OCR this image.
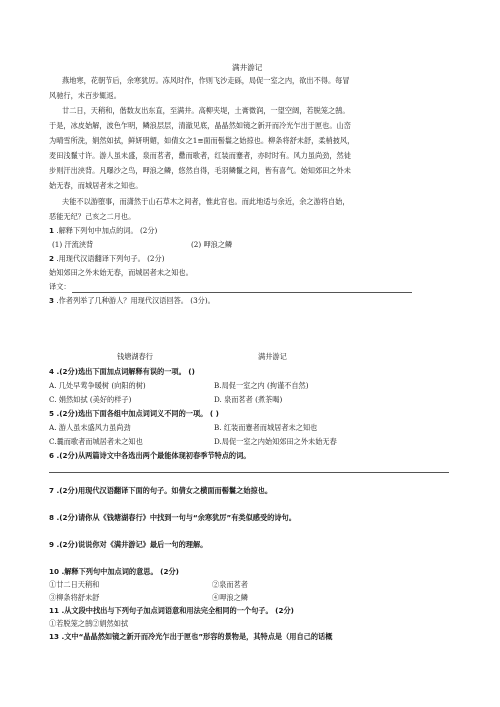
满井游记
燕地寒，花朝节后，余寒犹厉。冻风时作，作则飞沙走砾，局促一室之内，欲出不得。每冒
风驰行，未百步辄返。
廿二日，天稍和，偕数友出东直，至满井。高柳夹堤，土膏微润，一望空阔，若脱笼之鹄。
于是，冰皮始解，波色乍明，鳞浪层层，清澈见底，晶晶然如镜之新开而冷光乍出于匣也。山峦
为晴雪所洗，娟然如拭，鲜妍明媚，如倩女之1≡面而髻鬟之始掠也。柳条将舒未舒，柔梢披风，
麦田浅鬣寸许。游人虽未盛，泉而茗者，罍而歌者，红装而蹇者，亦时时有。风力虽尚劲，然徒
步则汗出浃背。凡曝沙之鸟，呷浪之鳞，悠然自得，毛羽鳞鬣之间，皆有喜气。始知郊田之外未
始无春，而城居者未之知也。
夫能不以游堕事，而潇然于山石草木之间者，惟此官也。而此地适与余近，余之游将自始，
恶能无纪？己亥之二月也。
1 .解释下列句中加点的词。 (2分)
(1) 汗流浃背	(2) 呷浪之鳞
2 .用现代汉语翻译下列句子。 (2分)
始知郊田之外未始无春，而城居者未之知也。
译文：
3 .作者列举了几种游人？用现代汉语回答。 (3分)。
钱塘湖春行	满井游记
4 .(2分)选出下面加点词解释有误的一项。 ()
A. 几处早莺争暖树 (向阳的树)	B.局促一室之内 (拘谨不自然)
C. 娟然如拭 (美好的样子)	D. 泉而茗者 (煮茶喝)
5 .(2分)选出下面各组中加点词词义不同的一项。 ( )
A. 游人虽未盛风力虽尚劲	B. 红装而蹇者而城居者未之知也
C.曩而歌者而城居者未之知也	D.局促一室之内始知郊田之外未始无春
6 .(2分)从两篇诗文中各选出两个最能体现初春季节特点的词。
7 .(2分)用现代汉语翻译下面的句子。如倩女之横面而髻鬟之始掠也。
8 .(2分)请你从《钱塘湖春行》中找到一句与“余寒犹厉”有类似感受的诗句。
9 .(2分)说说你对《满井游记》最后一句的理解。
10 .解释下列句中加点词的意思。 (2分)
①廿二日天稍和	②泉而茗者
③柳条将舒未舒	④呷浪之鳞
11 .从文段中找出与下列句子加点词语意和用法完全相同的一个句子。 (2分)
①若脱笼之鹄②娟然如拭
13 .文中“晶晶然如镜之新开而冷光乍出于匣也”形容的景物是，其特点是（用自己的话概
